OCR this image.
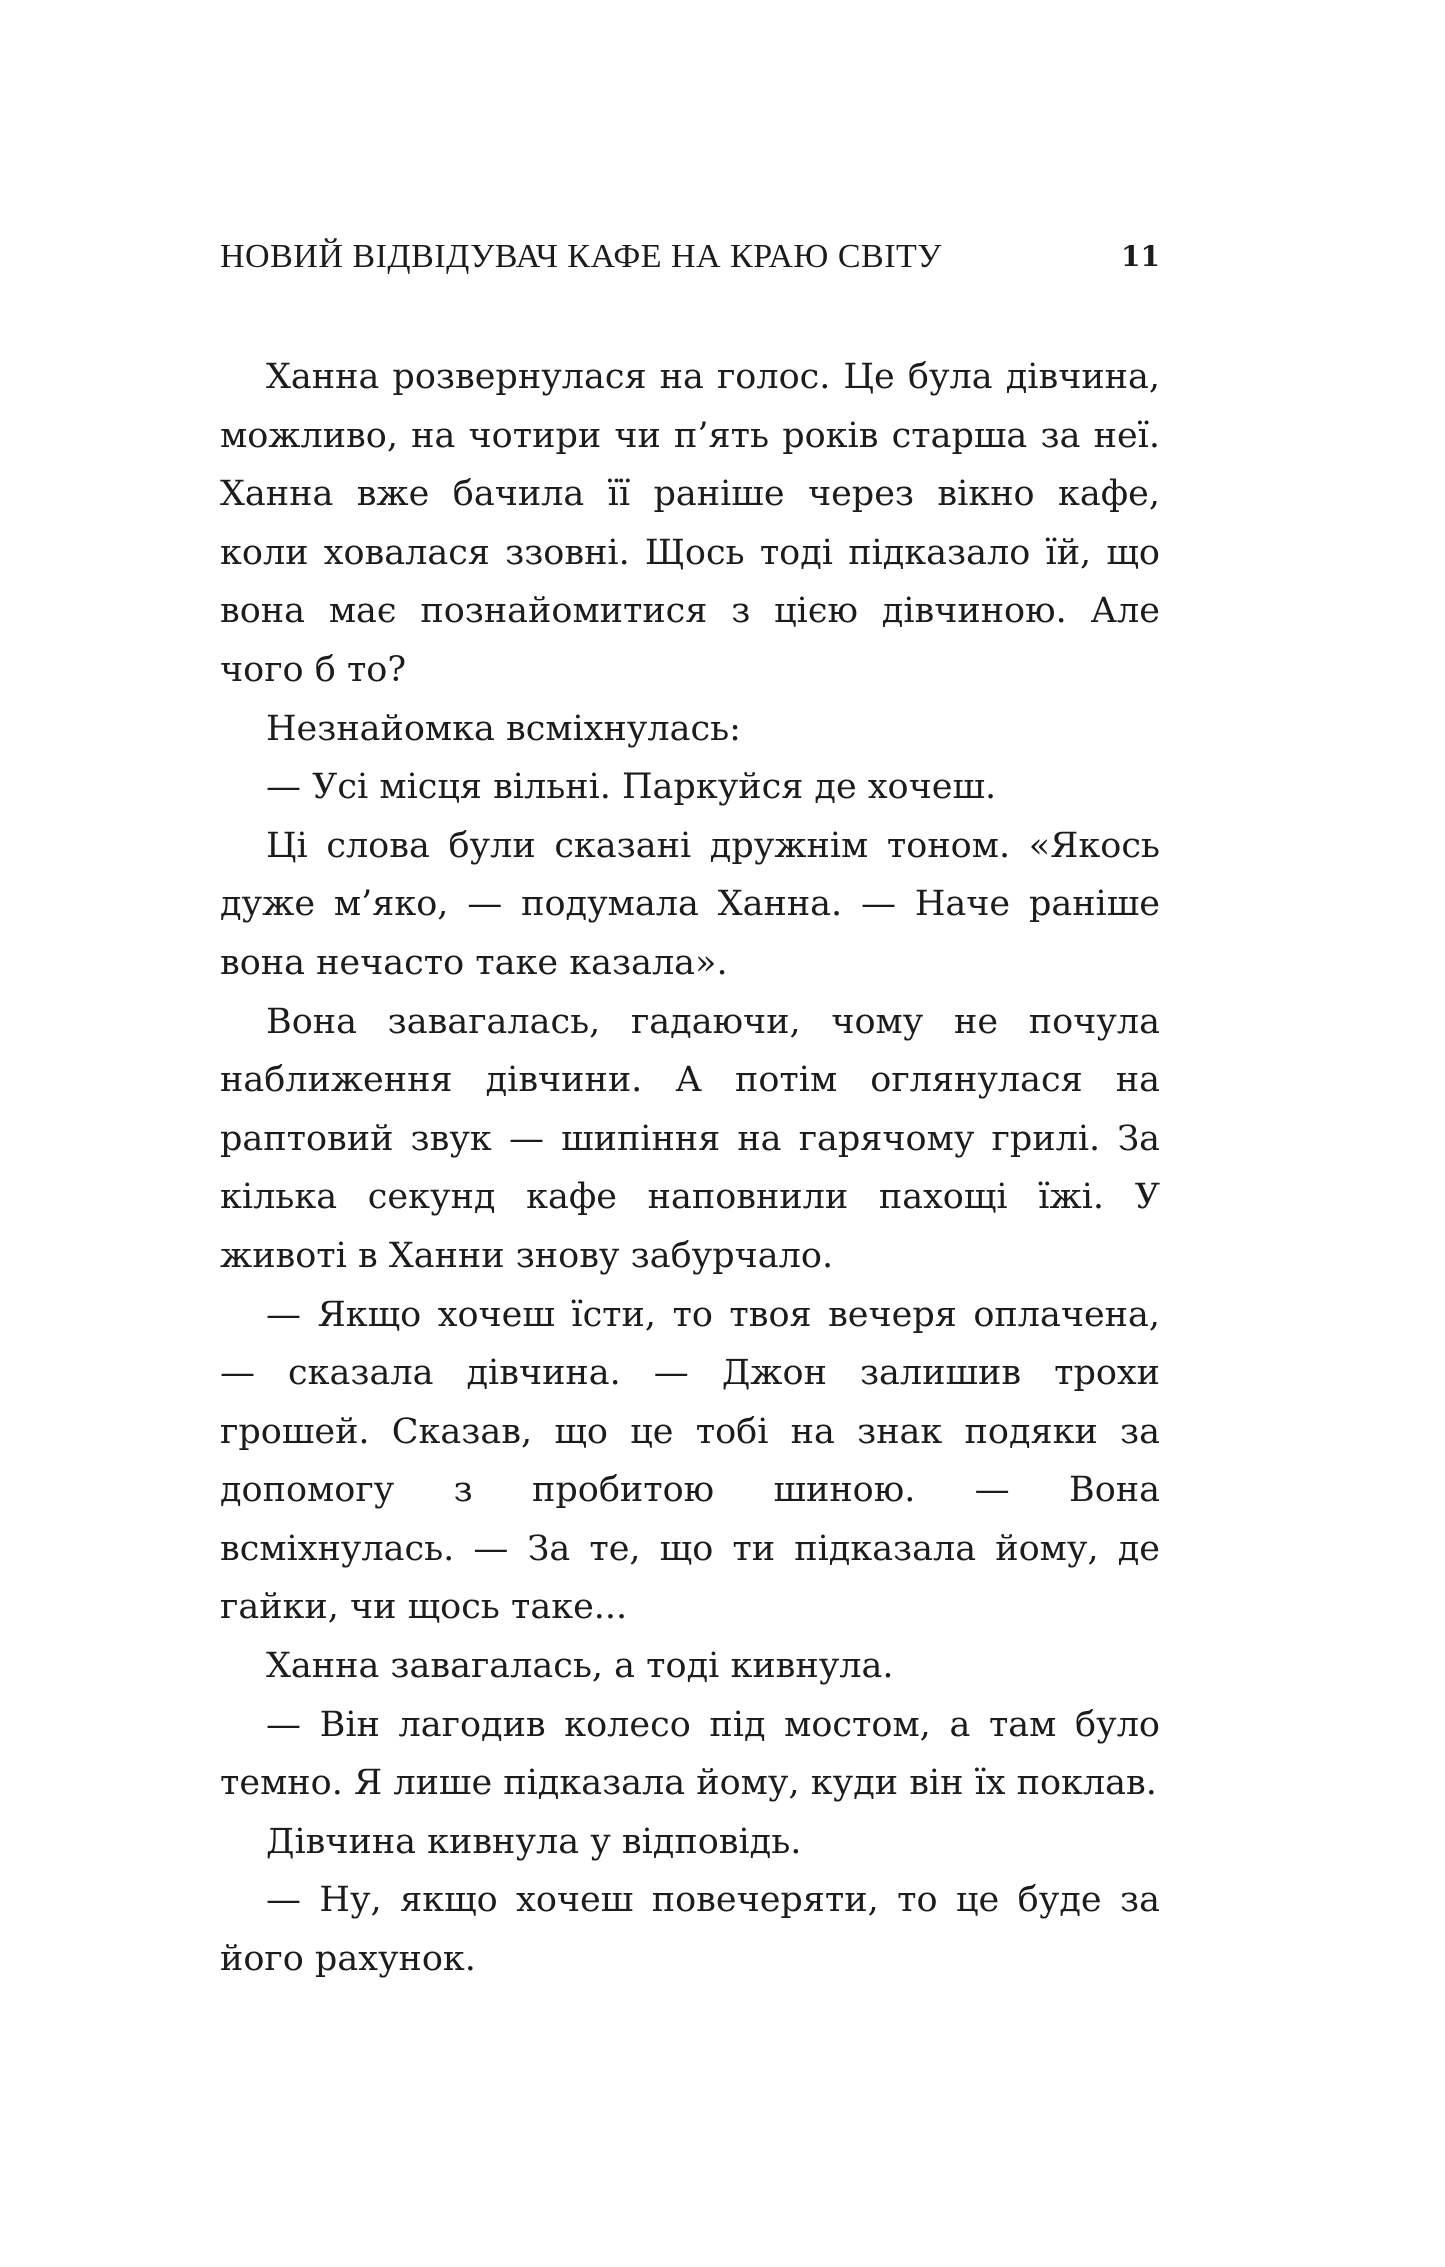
НОВИЙ ВІДВІДУВАЧ КАФЕ НА КРАЮ СВІТУ	11

Ханна розвернулася на голос. Це була дівчина, можливо, на чотири чи п’ять років старша за неї. Ханна вже бачила її раніше через вікно кафе, коли ховалася ззовні. Щось тоді підказало їй, що вона має познайомитися з цією дівчиною. Але чого б то?

Незнайомка всміхнулась:

— Усі місця вільні. Паркуйся де хочеш.

Ці слова були сказані дружнім тоном. «Якось дуже м’яко, — подумала Ханна. — Наче раніше вона нечасто таке казала».

Вона завагалась, гадаючи, чому не почула наближення дівчини. А потім оглянулася на раптовий звук — шипіння на гарячому грилі. За кілька секунд кафе наповнили пахощі їжі. У животі в Ханни знову забурчало.

— Якщо хочеш їсти, то твоя вечеря оплачена, — сказала дівчина. — Джон залишив трохи грошей. Сказав, що це тобі на знак подяки за допомогу з пробитою шиною. — Вона всміхнулась. — За те, що ти підказала йому, де гайки, чи щось таке...

Ханна завагалась, а тоді кивнула.

— Він лагодив колесо під мостом, а там було темно. Я лише підказала йому, куди він їх поклав.

Дівчина кивнула у відповідь.

— Ну, якщо хочеш повечеряти, то це буде за його рахунок.
